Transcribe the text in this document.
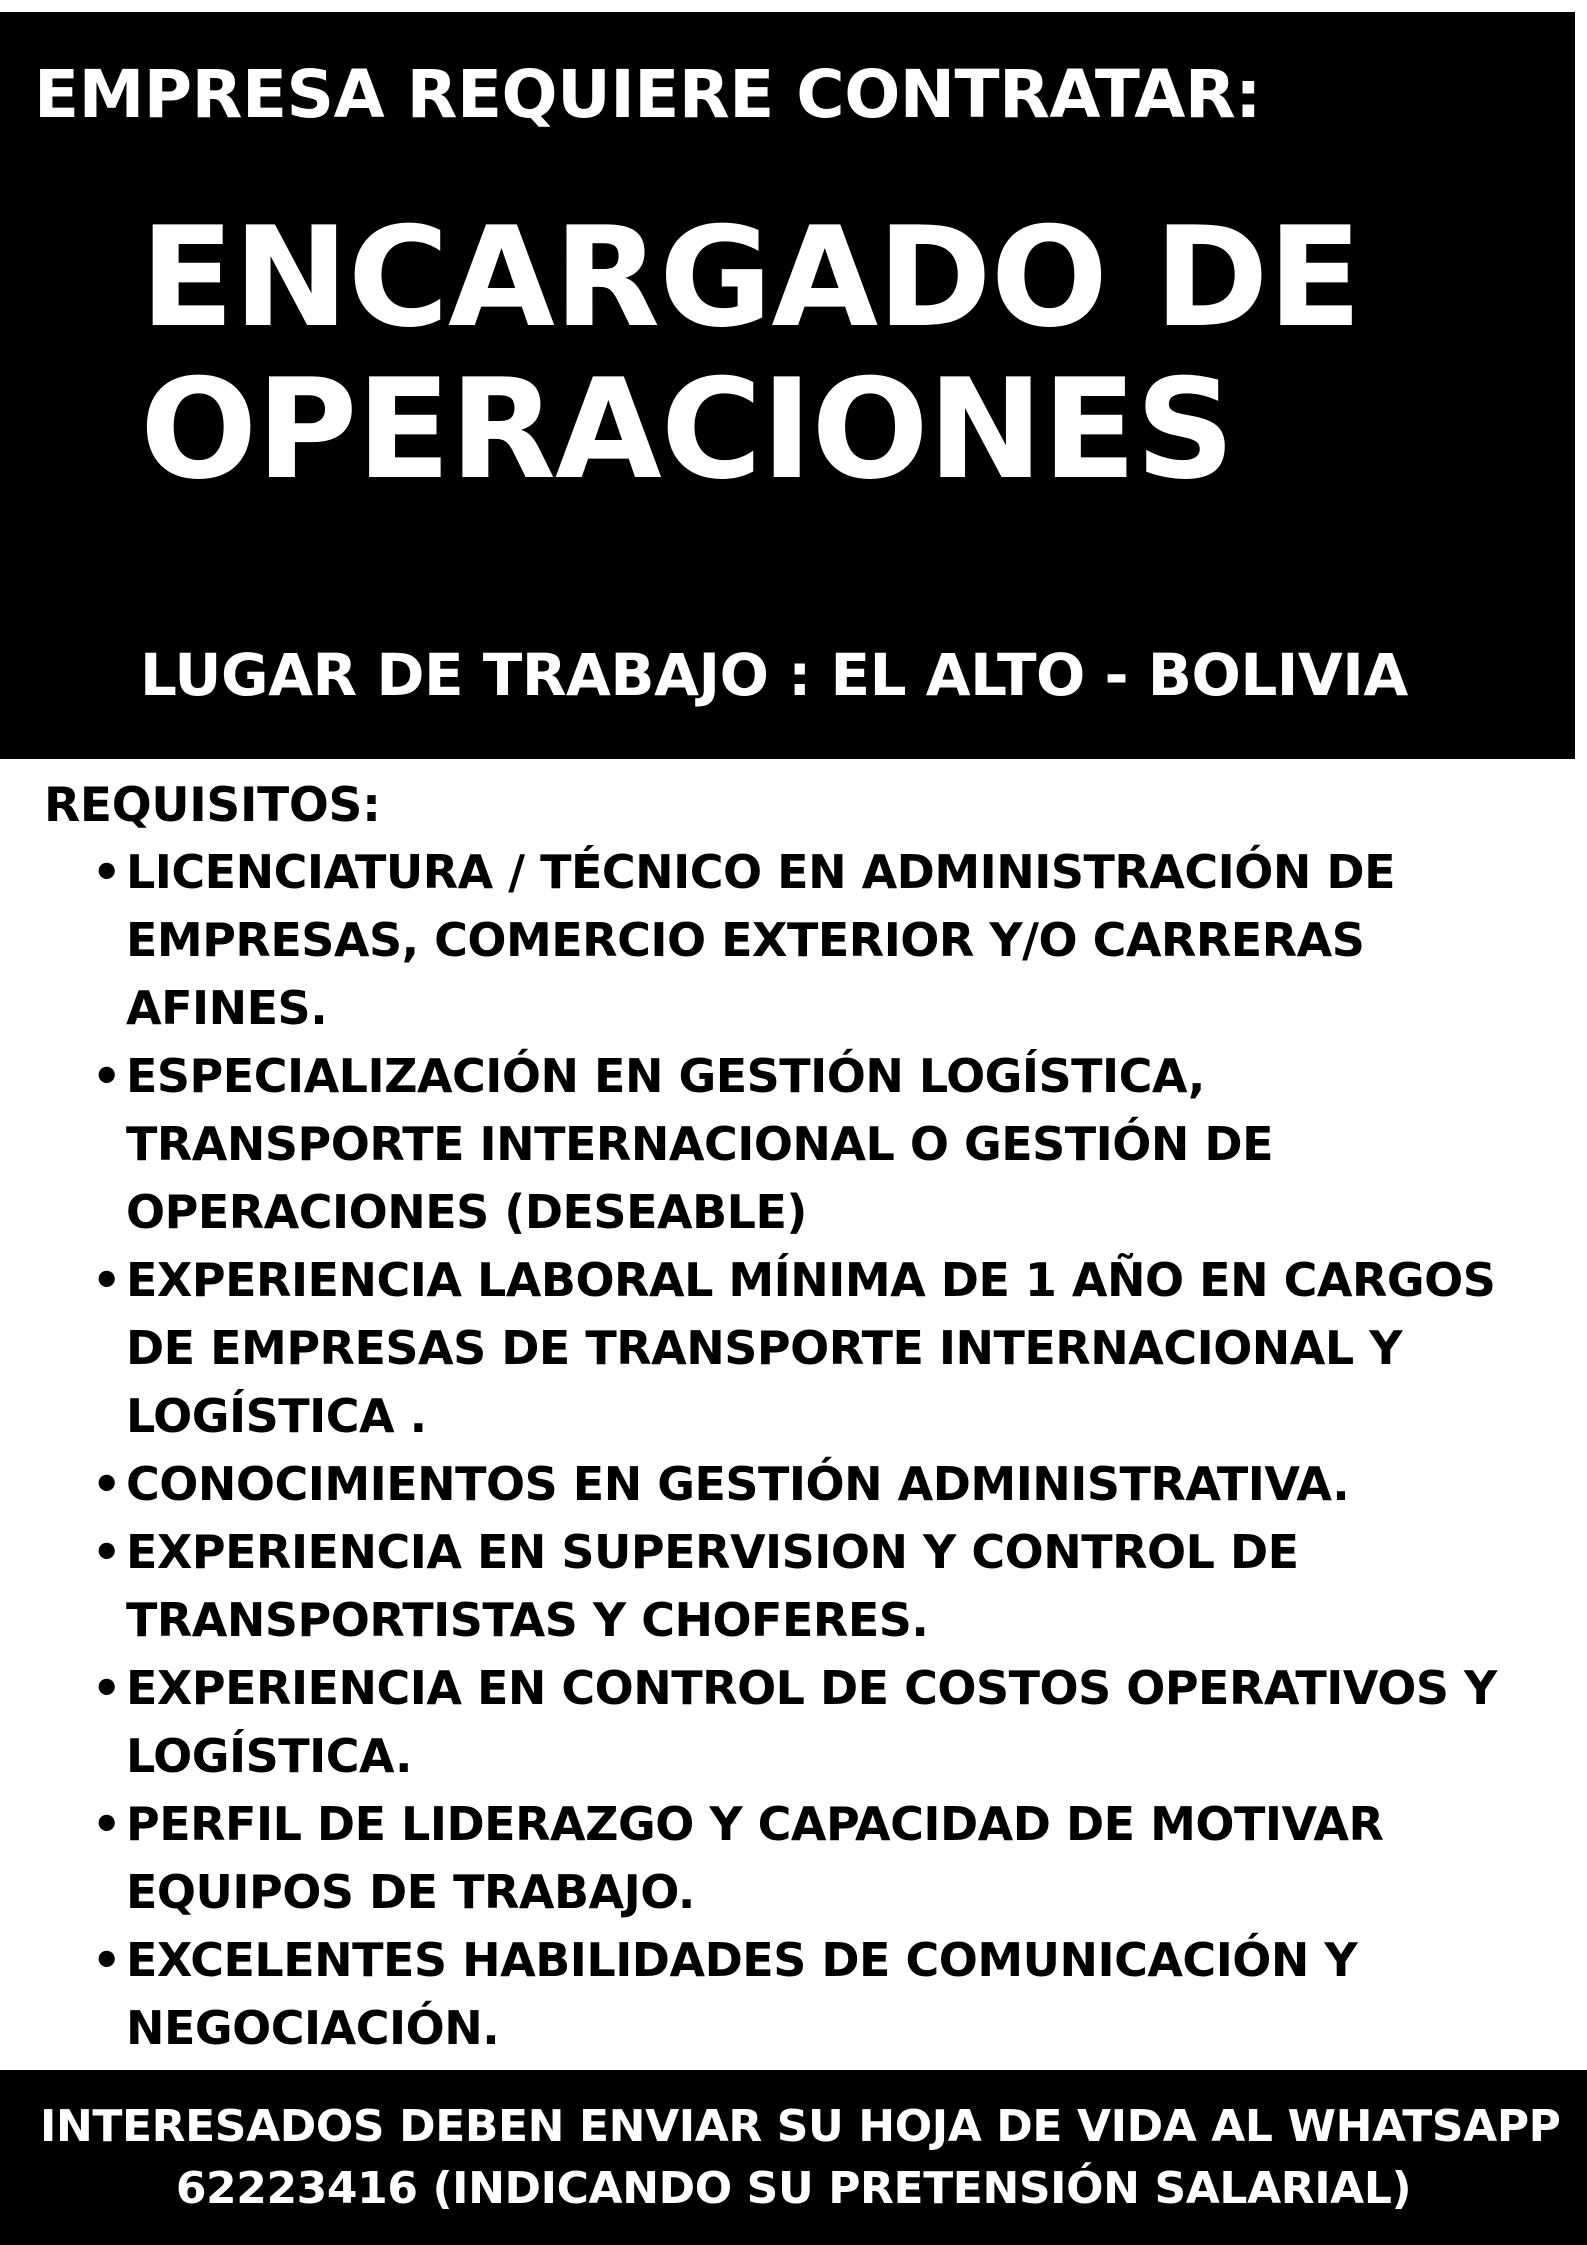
EMPRESA REQUIERE CONTRATAR:
ENCARGADO DE
OPERACIONES
LUGAR DE TRABAJO : EL ALTO - BOLIVIA
REQUISITOS:
• LICENCIATURA / TÉCNICO EN ADMINISTRACIÓN DE EMPRESAS, COMERCIO EXTERIOR Y/O CARRERAS AFINES.
• ESPECIALIZACIÓN EN GESTIÓN LOGÍSTICA, TRANSPORTE INTERNACIONAL O GESTIÓN DE OPERACIONES (DESEABLE)
• EXPERIENCIA LABORAL MÍNIMA DE 1 AÑO EN CARGOS DE EMPRESAS DE TRANSPORTE INTERNACIONAL Y LOGÍSTICA .
• CONOCIMIENTOS EN GESTIÓN ADMINISTRATIVA.
• EXPERIENCIA EN SUPERVISION Y CONTROL DE TRANSPORTISTAS Y CHOFERES.
• EXPERIENCIA EN CONTROL DE COSTOS OPERATIVOS Y LOGÍSTICA.
• PERFIL DE LIDERAZGO Y CAPACIDAD DE MOTIVAR EQUIPOS DE TRABAJO.
• EXCELENTES HABILIDADES DE COMUNICACIÓN Y NEGOCIACIÓN.
INTERESADOS DEBEN ENVIAR SU HOJA DE VIDA AL WHATSAPP
62223416 (INDICANDO SU PRETENSIÓN SALARIAL)
